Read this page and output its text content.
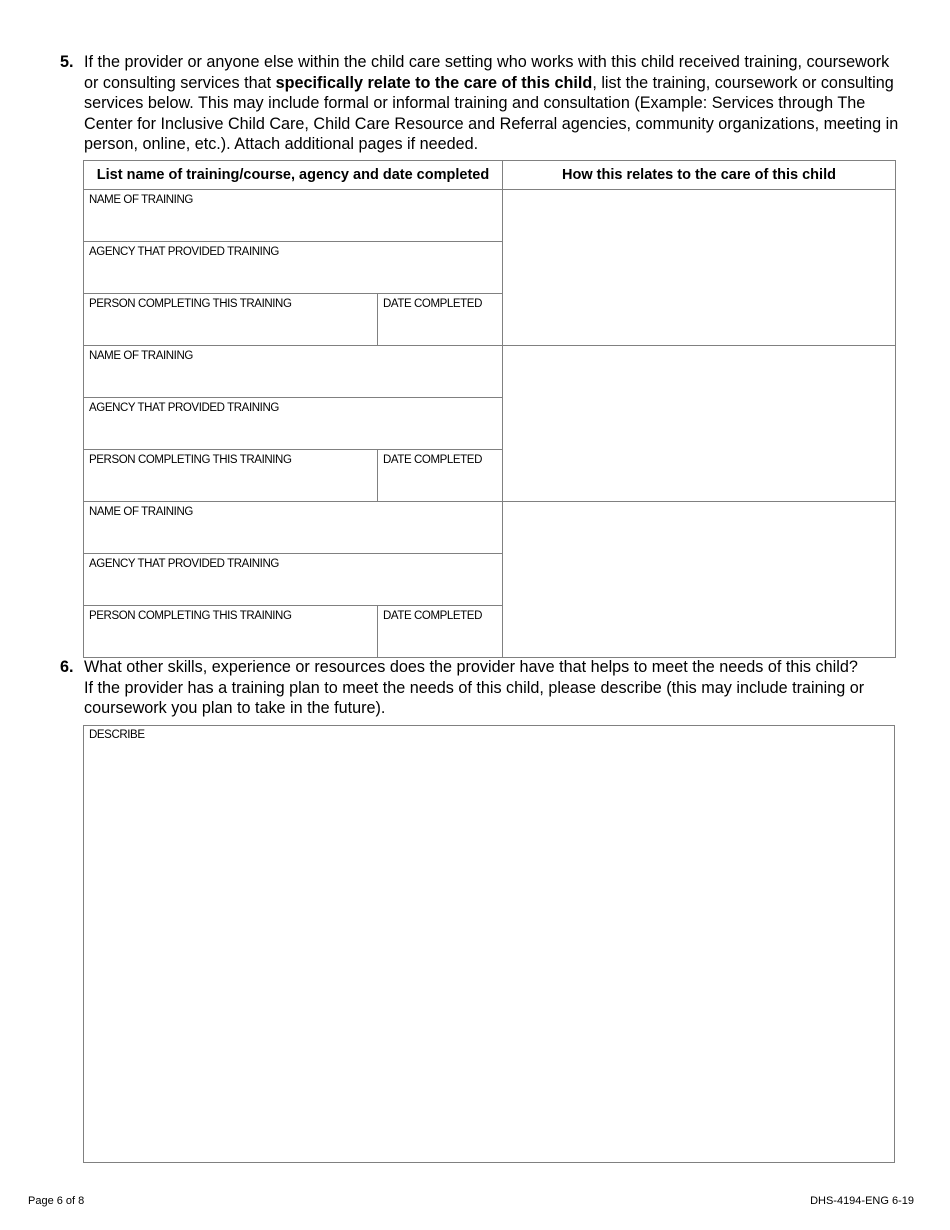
5. If the provider or anyone else within the child care setting who works with this child received training, coursework or consulting services that specifically relate to the care of this child, list the training, coursework or consulting services below. This may include formal or informal training and consultation (Example: Services through The Center for Inclusive Child Care, Child Care Resource and Referral agencies, community organizations, meeting in person, online, etc.). Attach additional pages if needed.
List name of training/course, agency and date completed		How this relates to the care of this child
NAME OF TRAINING		
AGENCY THAT PROVIDED TRAINING		
PERSON COMPLETING THIS TRAINING	DATE COMPLETED	
NAME OF TRAINING		
AGENCY THAT PROVIDED TRAINING		
PERSON COMPLETING THIS TRAINING	DATE COMPLETED	
NAME OF TRAINING		
AGENCY THAT PROVIDED TRAINING		
PERSON COMPLETING THIS TRAINING	DATE COMPLETED	
6. What other skills, experience or resources does the provider have that helps to meet the needs of this child?
If the provider has a training plan to meet the needs of this child, please describe (this may include training or coursework you plan to take in the future).
DESCRIBE
Page 6 of 8	DHS-4194-ENG 6-19
